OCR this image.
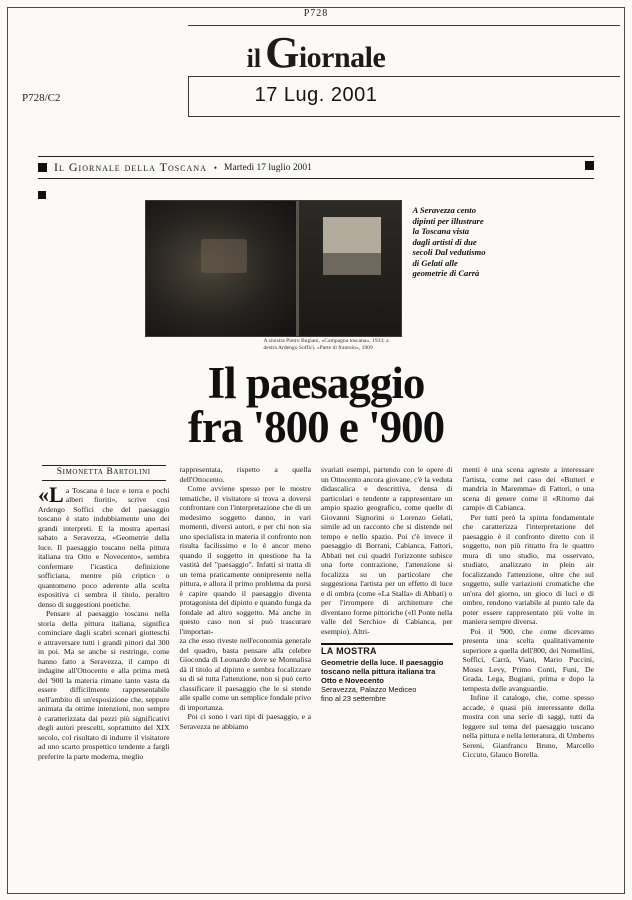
P728
il Giornale
17 Lug. 2001
P728/C2
Il Giornale della Toscana • Martedì 17 luglio 2001
A sinistra Pietro Bugiani, «Campagna toscana», 1933; a destra Ardengo Soffici, «Parte di frantoio», 1909
A Seravezza cento dipinti per illustrare la Toscana vista dagli artisti di due secoli Dal vedutismo di Gelati alle geometrie di Carrà
Il paesaggio
fra '800 e '900
Simonetta Bartolini

«La Toscana è luce e terra e pochi alberi fioriti», scrive così Ardengo Soffici che del paesaggio toscano è stato indubbiamente uno dei grandi interpreti. E la mostra apertasi sabato a Seravezza, «Geometrie della luce. Il paesaggio toscano nella pittura italiana tra Otto e Novecento», sembra confermare l'icastica definizione sofficiana, mentre più criptico o quantomeno poco aderente alla scelta espositiva ci sembra il titolo, peraltro denso di suggestioni poetiche.

Pensare al paesaggio toscano nella storia della pittura italiana, significa cominciare dagli scabri scenari giotteschi e attraversare tutti i grandi pittori dal 300 in poi. Ma se anche si restringe, come hanno fatto a Seravezza, il campo di indagine all'Ottocento e alla prima metà del '900 la materia rimane tanto vasta da essere difficilmente rappresentabile nell'ambito di un'esposizione che, seppure animata da ottime intenzioni, non sempre è caratterizzata dai pezzi più significativi degli autori prescelti, soprattutto del XIX secolo, col risultato di indurre il visitatore ad uno scarto prospettico tendente a fargli preferire la parte moderna, meglio

rappresentata, rispetto a quella dell'Ottocento.

Come avviene spesso per le mostre tematiche, il visitatore si trova a doversi confrontare con l'interpretazione che di un medesimo soggetto danno, in vari momenti, diversi autori, e per chi non sia uno specialista in materia il confronto non risulta facilissimo e lo è ancor meno quando il soggetto in questione ha la vastità del "paesaggio". Infatti si tratta di un tema praticamente onnipresente nella pittura, e allora il primo problema da porsi è capire quando il paesaggio diventa protagonista del dipinto e quando funga da fondale ad altro soggetto. Ma anche in questo caso non si può trascurare l'importan-

za che esso riveste nell'economia generale del quadro, basta pensare alla celebre Gioconda di Leonardo dove se Monnalisa dà il titolo al dipinto e sembra focalizzare su di sé tutta l'attenzione, non si può certo classificare il paesaggio che le si stende alle spalle come un semplice fondale privo di importanza.

Poi ci sono i vari tipi di paesaggio, e a Seravezza ne abbiamo

svariati esempi, partendo con le opere di un Ottocento ancora giovane, c'è la veduta didascalica e descrittiva, densa di particolari e tendente a rappresentare un ampio spazio geografico, come quelle di Giovanni Signorini o Lorenzo Gelati, simile ad un racconto che si distende nel tempo e nello spazio. Poi c'è invece il paesaggio di Borrani, Cabianca, Fattori, Abbati nei cui quadri l'orizzonte subisce una forte contrazione, l'attenzione si focalizza su un particolare che suggestiona l'artista per un effetto di luce e di ombra (come «La Stalla» di Abbati) o per l'irrompere di architetture che diventano forme pittoriche («Il Ponte nella valle del Serchio» di Cabianca, per esempio). Altri-

LA MOSTRA
Geometrie della luce. Il paesaggio toscano nella pittura italiana tra Otto e Novecento
Seravezza, Palazzo Mediceo
fino al 23 settembre

menti è una scena agreste a interessare l'artista, come nel caso dei «Butteri e mandria in Maremma» di Fattori, o una scena di genere come il «Ritorno dai campi» di Cabianca.

Per tutti però la spinta fondamentale che caratterizza l'interpretazione del paesaggio è il confronto diretto con il soggetto, non più ritratto fra le quattro mura di uno studio, ma osservato, studiato, analizzato in plein air focalizzando l'attenzione, oltre che sul soggetto, sulle variazioni cromatiche che un'ora del giorno, un gioco di luci e di ombre, rendono variabile al punto tale da poter essere rappresentato più volte in maniera sempre diversa.

Poi il '900, che come dicevamo presenta una scelta qualitativamente superiore a quella dell'800, dei Nomellini, Soffici, Carrà, Viani, Mario Puccini, Moses Levy, Primo Conti, Funi, De Grada, Lega, Bugiani, prima e dopo la tempesta delle avanguardie.

Infine il catalogo, che, come spesso accade, è quasi più interessante della mostra con una serie di saggi, tutti da leggere sul tema del paesaggio toscano nella pittura e nella letteratura, di Umberto Sereni, Gianfranco Bruno, Marcello Ciccuto, Glauco Borella.
